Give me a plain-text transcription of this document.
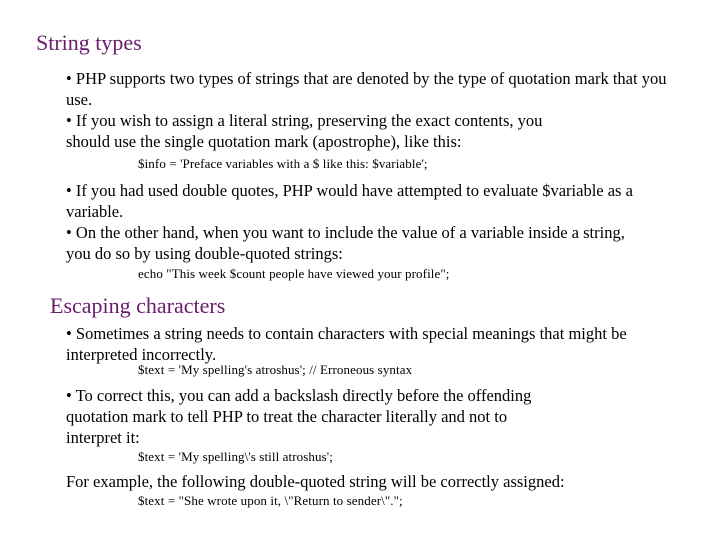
String types
• PHP supports two types of strings that are denoted by the type of quotation mark that you
use.
• If you wish to assign a literal string, preserving the exact contents, you
should use the single quotation mark (apostrophe), like this:
$info = 'Preface variables with a $ like this: $variable';
• If you had used double quotes, PHP would have attempted to evaluate $variable as a
variable.
• On the other hand, when you want to include the value of a variable inside a string,
you do so by using double-quoted strings:
echo "This week $count people have viewed your profile";
Escaping characters
• Sometimes a string needs to contain characters with special meanings that might be
interpreted incorrectly.
$text = 'My spelling's atroshus'; // Erroneous syntax
• To correct this, you can add a backslash directly before the offending
quotation mark to tell PHP to treat the character literally and not to
interpret it:
$text = 'My spelling\'s still atroshus';
For example, the following double-quoted string will be correctly assigned:
$text = "She wrote upon it, \"Return to sender\".";
